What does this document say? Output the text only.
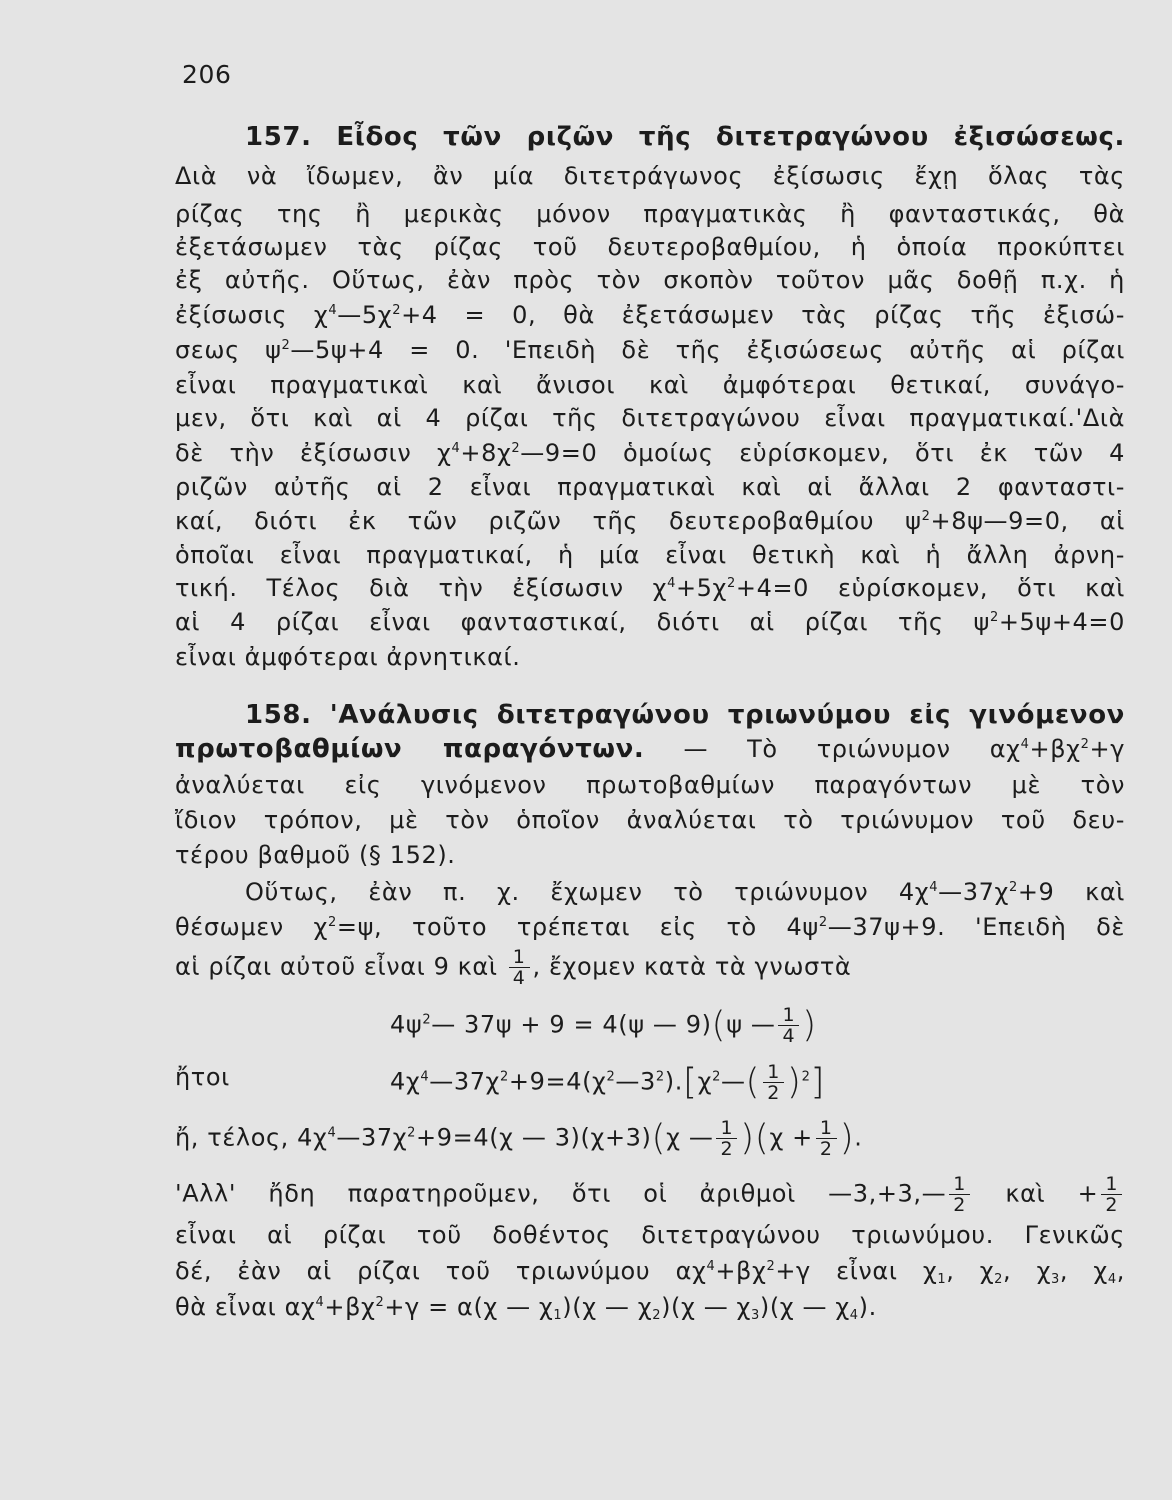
206
157. Εἶδος τῶν ριζῶν τῆς διτετραγώνου ἐξισώσεως.
Διὰ νὰ ἴδωμεν, ἂν μία διτετράγωνος ἐξίσωσις ἔχῃ ὅλας τὰς
ρίζας της ἢ μερικὰς μόνον πραγματικὰς ἢ φανταστικάς, θὰ
ἐξετάσωμεν τὰς ρίζας τοῦ δευτεροβαθμίου, ἡ ὁποία προκύπτει
ἐξ αὐτῆς. Οὕτως, ἐὰν πρὸς τὸν σκοπὸν τοῦτον μᾶς δοθῇ π.χ. ἡ
ἐξίσωσις $\chi^4—5\chi^2+4 = 0$, θὰ ἐξετάσωμεν τὰς ρίζας τῆς ἐξισώ-
σεως $\psi^2—5\psi+4 = 0$. 'Επειδὴ δὲ τῆς ἐξισώσεως αὐτῆς αἱ ρίζαι
εἶναι πραγματικαὶ καὶ ἄνισοι καὶ ἀμφότεραι θετικαί, συνάγο-
μεν, ὅτι καὶ αἱ 4 ρίζαι τῆς διτετραγώνου εἶναι πραγματικαί.'Διὰ
δὲ τὴν ἐξίσωσιν $\chi^4+8\chi^2—9=0$ ὁμοίως εὑρίσκομεν, ὅτι ἐκ τῶν 4
ριζῶν αὐτῆς αἱ 2 εἶναι πραγματικαὶ καὶ αἱ ἄλλαι 2 φανταστι-
καί, διότι ἐκ τῶν ριζῶν τῆς δευτεροβαθμίου $\psi^2+8\psi—9=0$, αἱ
ὁποῖαι εἶναι πραγματικαί, ἡ μία εἶναι θετικὴ καὶ ἡ ἄλλη ἀρνη-
τική. Τέλος διὰ τὴν ἐξίσωσιν $\chi^4+5\chi^2+4=0$ εὑρίσκομεν, ὅτι καὶ
αἱ 4 ρίζαι εἶναι φανταστικαί, διότι αἱ ρίζαι τῆς $\psi^2+5\psi+4=0$
εἶναι ἀμφότεραι ἀρνητικαί.
158. 'Ανάλυσις διτετραγώνου τριωνύμου εἰς γινόμενον
πρωτοβαθμίων παραγόντων. — Τὸ τριώνυμον $\alpha\chi^4+\beta\chi^2+\gamma$
ἀναλύεται εἰς γινόμενον πρωτοβαθμίων παραγόντων μὲ τὸν
ἴδιον τρόπον, μὲ τὸν ὁποῖον ἀναλύεται τὸ τριώνυμον τοῦ δευ-
τέρου βαθμοῦ (§ 152).
Οὕτως, ἐὰν π. χ. ἔχωμεν τὸ τριώνυμον $4\chi^4—37\chi^2+9$ καὶ
θέσωμεν $\chi^2=\psi$, τοῦτο τρέπεται εἰς τὸ $4\psi^2—37\psi+9$. 'Επειδὴ δὲ
αἱ ρίζαι αὐτοῦ εἶναι 9 καὶ $\frac{1}{4}$ , ἔχομεν κατὰ τὰ γνωστὰ
$4\psi^2—$ 37ψ + 9 = 4(ψ — 9)(ψ — $\frac{1}{4}$ )
ἤτοι	$4\chi^4—37\chi^2+9=4(\chi^2—3^2).[\chi^2—( \frac{1}{2} )^2]$
ἤ, τέλος, $4\chi^4—37\chi^2+9=4(\chi$ — 3)(χ+3)(χ — $\frac{1}{2} )(\chi + \frac{1}{2}$ ).
'Αλλ' ἤδη παρατηροῦμεν, ὅτι οἱ ἀριθμοὶ —3,+3,— $\frac{1}{2}$ καὶ + $\frac{1}{2}$
εἶναι αἱ ρίζαι τοῦ δοθέντος διτετραγώνου τριωνύμου. Γενικῶς
δέ, ἐὰν αἱ ρίζαι τοῦ τριωνύμου $\alpha\chi^4+\beta\chi^2+\gamma$ εἶναι $\chi_1$, $\chi_2$, $\chi_3$, $\chi_4$,
θὰ εἶναι $\alpha\chi^4+\beta\chi^2+\gamma = \alpha(\chi$ — $\chi_1)(\chi$ — $\chi_2)(\chi$ — $\chi_3)(\chi$ — $\chi_4$).
